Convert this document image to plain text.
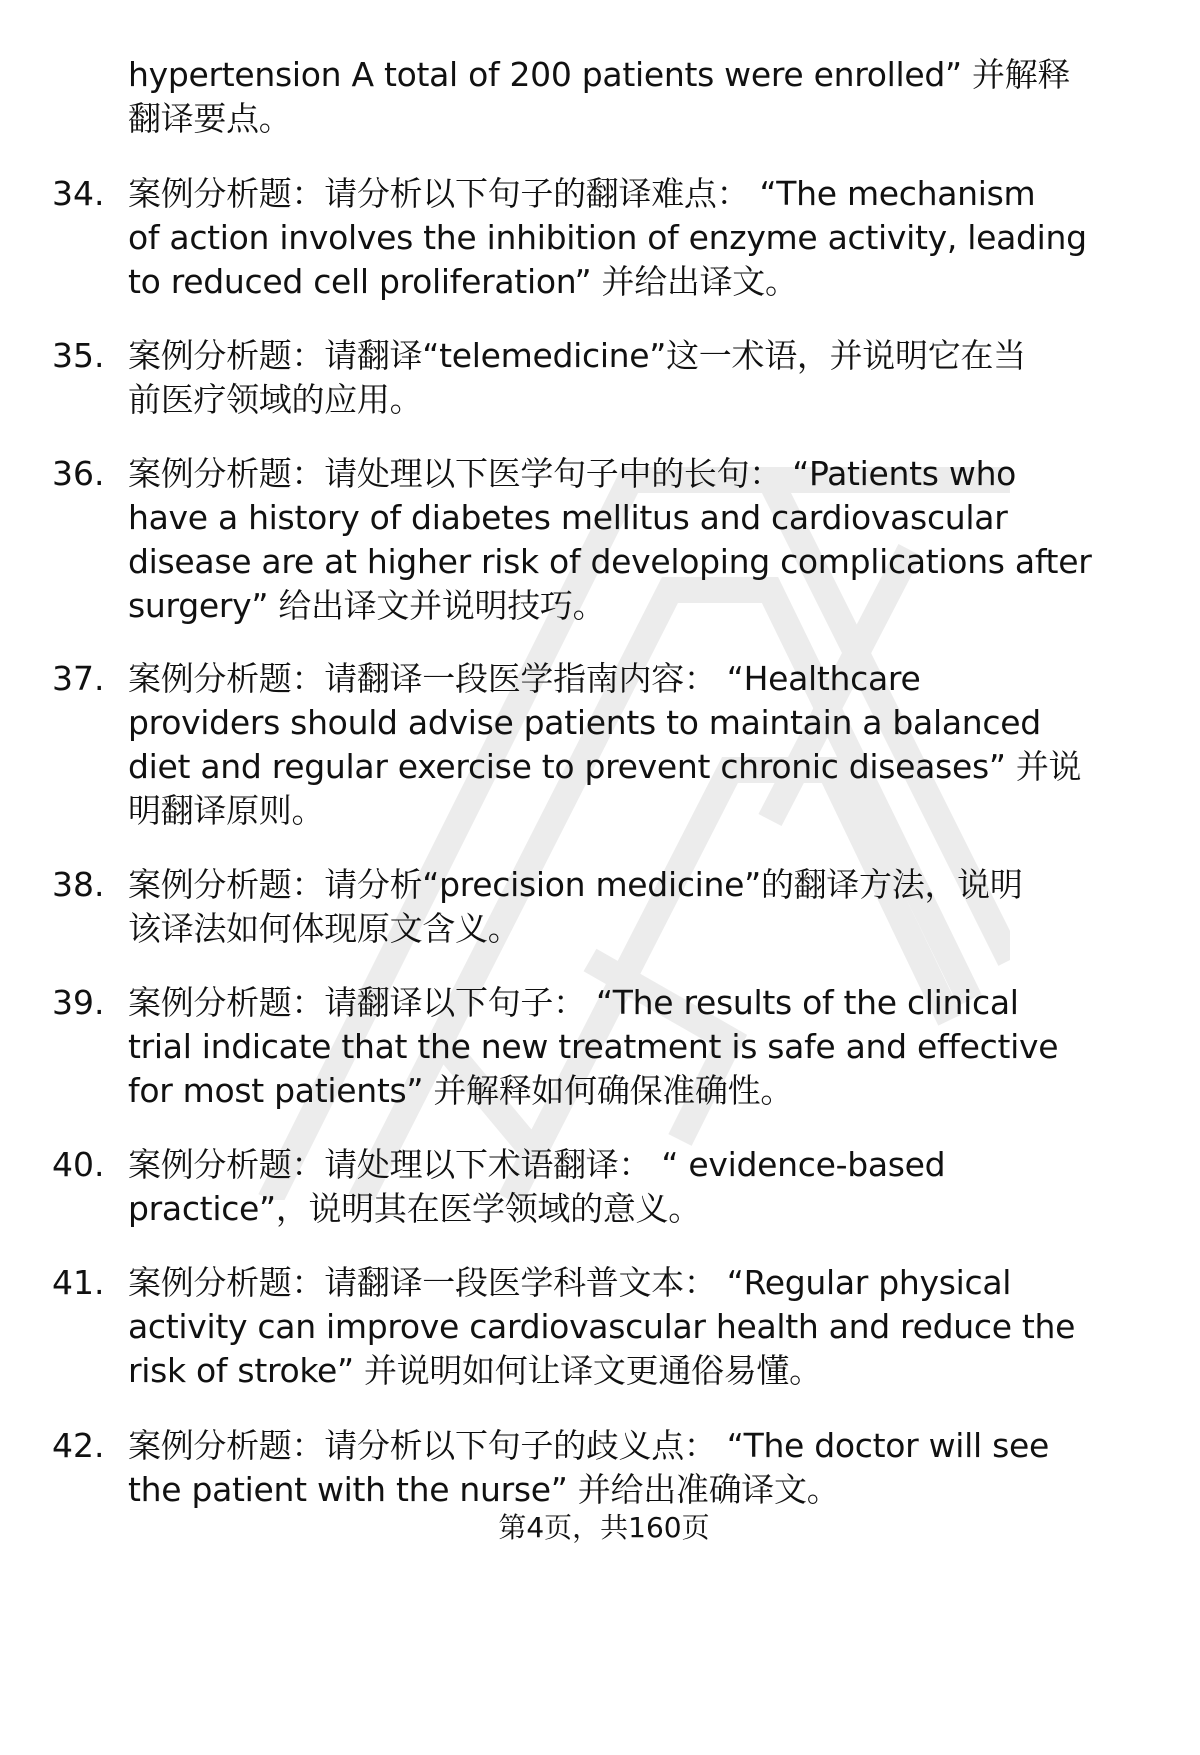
hypertension A total of 200 patients were enrolled” 并解释
翻译要点。
34. 案例分析题：请分析以下句子的翻译难点： “The mechanism
of action involves the inhibition of enzyme activity, leading
to reduced cell proliferation” 并给出译文。
35. 案例分析题：请翻译“telemedicine”这一术语，并说明它在当
前医疗领域的应用。
36. 案例分析题：请处理以下医学句子中的长句： “Patients who
have a history of diabetes mellitus and cardiovascular
disease are at higher risk of developing complications after
surgery” 给出译文并说明技巧。
37. 案例分析题：请翻译一段医学指南内容： “Healthcare
providers should advise patients to maintain a balanced
diet and regular exercise to prevent chronic diseases” 并说
明翻译原则。
38. 案例分析题：请分析“precision medicine”的翻译方法，说明
该译法如何体现原文含义。
39. 案例分析题：请翻译以下句子： “The results of the clinical
trial indicate that the new treatment is safe and effective
for most patients” 并解释如何确保准确性。
40. 案例分析题：请处理以下术语翻译： “ evidence-based
practice”，说明其在医学领域的意义。
41. 案例分析题：请翻译一段医学科普文本： “Regular physical
activity can improve cardiovascular health and reduce the
risk of stroke” 并说明如何让译文更通俗易懂。
42. 案例分析题：请分析以下句子的歧义点： “The doctor will see
the patient with the nurse” 并给出准确译文。
第4页，共160页
